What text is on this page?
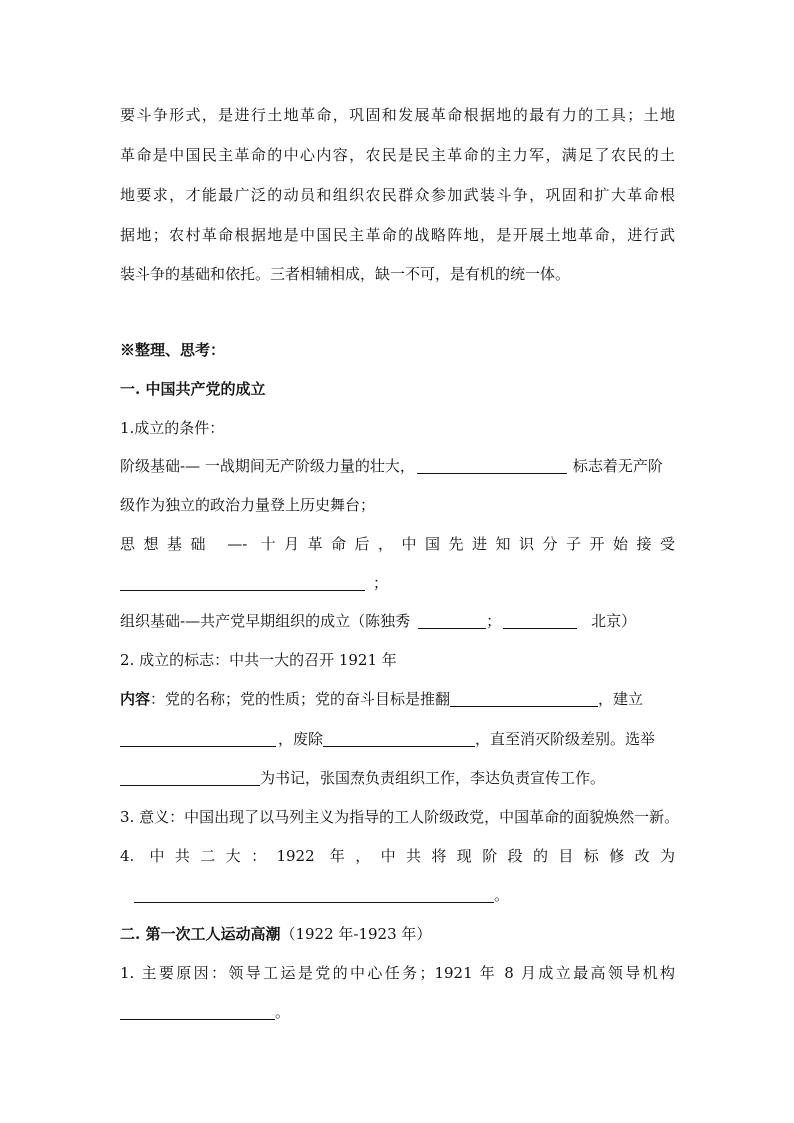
要斗争形式，是进行土地革命，巩固和发展革命根据地的最有力的工具；土地
革命是中国民主革命的中心内容，农民是民主革命的主力军，满足了农民的土
地要求，才能最广泛的动员和组织农民群众参加武装斗争，巩固和扩大革命根
据地；农村革命根据地是中国民主革命的战略阵地，是开展土地革命，进行武
装斗争的基础和依托。三者相辅相成，缺一不可，是有机的统一体。
※整理、思考：
一. 中国共产党的成立
1.成立的条件：
阶级基础-— 一战期间无产阶级力量的壮大，	标志着无产阶
级作为独立的政治力量登上历史舞台；
思想基础 —- 十月革命后，中国先进知识分子开始接受
；
组织基础-—共产党早期组织的成立（陈独秀	；	北京）
2. 成立的标志：中共一大的召开 1921 年
内容：党的名称；党的性质；党的奋斗目标是推翻	，建立
，废除	，直至消灭阶级差别。选举
为书记，张国焘负责组织工作，李达负责宣传工作。
3. 意义：中国出现了以马列主义为指导的工人阶级政党，中国革命的面貌焕然一新。
4. 中共二大：1922 年，中共将现阶段的目标修改为
。
二. 第一次工人运动高潮（1922 年-1923 年）
1. 主要原因：领导工运是党的中心任务；1921 年 8 月成立最高领导机构
。
